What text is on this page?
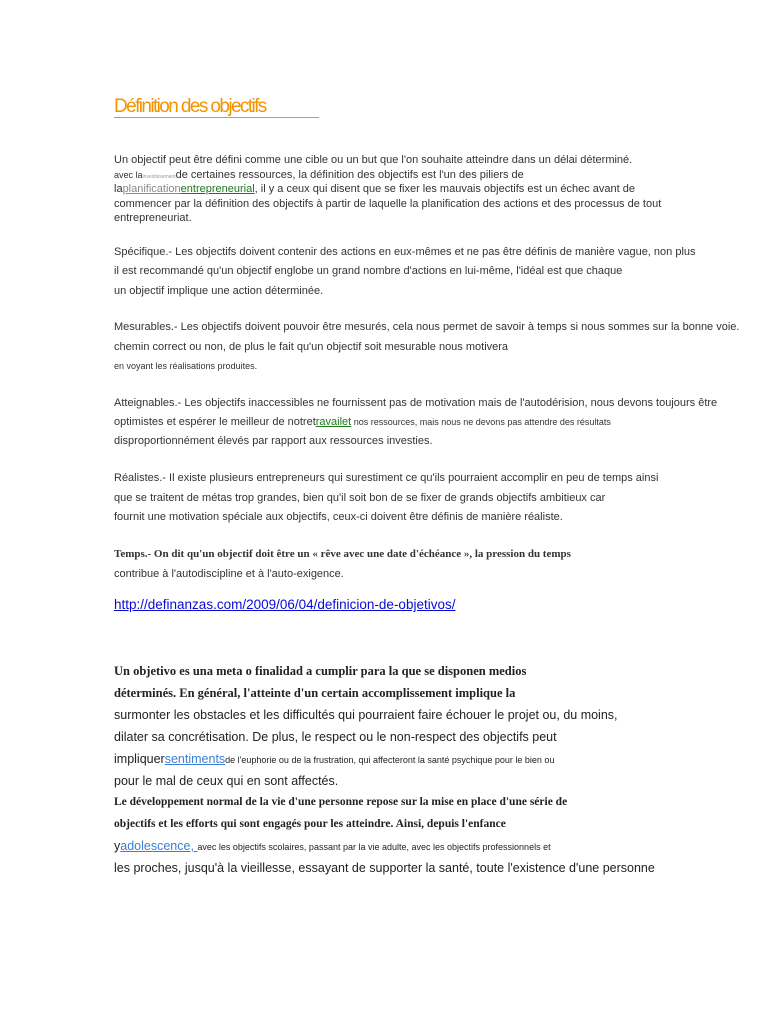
Définition des objectifs
Un objectif peut être défini comme une cible ou un but que l'on souhaite atteindre dans un délai déterminé.
avec lainvestissementde certaines ressources, la définition des objectifs est l'un des piliers de
laplanificationentrepreneurial, il y a ceux qui disent que se fixer les mauvais objectifs est un échec avant de
commencer par la définition des objectifs à partir de laquelle la planification des actions et des processus de tout
entrepreneuriat.
Spécifique.- Les objectifs doivent contenir des actions en eux-mêmes et ne pas être définis de manière vague, non plus
il est recommandé qu'un objectif englobe un grand nombre d'actions en lui-même, l'idéal est que chaque
un objectif implique une action déterminée.
Mesurables.- Les objectifs doivent pouvoir être mesurés, cela nous permet de savoir à temps si nous sommes sur la bonne voie.
chemin correct ou non, de plus le fait qu'un objectif soit mesurable nous motivera
en voyant les réalisations produites.
Atteignables.- Les objectifs inaccessibles ne fournissent pas de motivation mais de l'autodérision, nous devons toujours être
optimistes et espérer le meilleur de notretravailet nos ressources, mais nous ne devons pas attendre des résultats
disproportionnément élevés par rapport aux ressources investies.
Réalistes.- Il existe plusieurs entrepreneurs qui surestiment ce qu'ils pourraient accomplir en peu de temps ainsi
que se traitent de métas trop grandes, bien qu'il soit bon de se fixer de grands objectifs ambitieux car
fournit une motivation spéciale aux objectifs, ceux-ci doivent être définis de manière réaliste.
Temps.- On dit qu'un objectif doit être un « rêve avec une date d'échéance », la pression du temps
contribue à l'autodiscipline et à l'auto-exigence.
http://definanzas.com/2009/06/04/definicion-de-objetivos/
Un objetivo es una meta o finalidad a cumplir para la que se disponen medios
déterminés. En général, l'atteinte d'un certain accomplissement implique la
surmonter les obstacles et les difficultés qui pourraient faire échouer le projet ou, du moins,
dilater sa concrétisation. De plus, le respect ou le non-respect des objectifs peut
impliquersentimentsde l'euphorie ou de la frustration, qui affecteront la santé psychique pour le bien ou
pour le mal de ceux qui en sont affectés.
Le développement normal de la vie d'une personne repose sur la mise en place d'une série de
objectifs et les efforts qui sont engagés pour les atteindre. Ainsi, depuis l'enfance
yadolescence, avec les objectifs scolaires, passant par la vie adulte, avec les objectifs professionnels et
les proches, jusqu'à la vieillesse, essayant de supporter la santé, toute l'existence d'une personne
